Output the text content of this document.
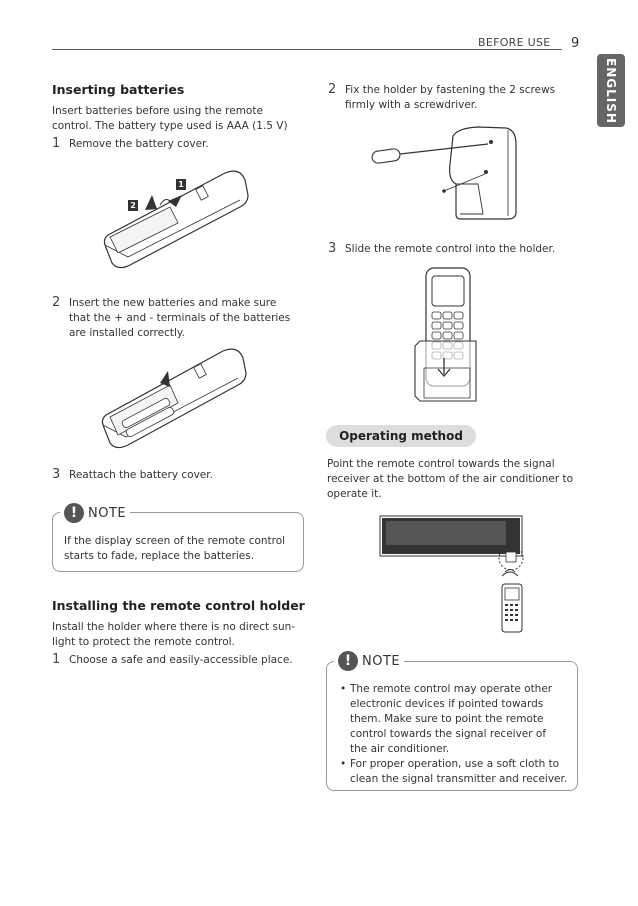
BEFORE USE 9
ENGLISH
Inserting batteries
Insert batteries before using the remote
control. The battery type used is AAA (1.5 V)
1 Remove the battery cover.
1
2
2 Insert the new batteries and make sure
that the + and - terminals of the batteries
are installed correctly.
3 Reattach the battery cover.
! NOTE
If the display screen of the remote control
starts to fade, replace the batteries.
Installing the remote control holder
Install the holder where there is no direct sun-
light to protect the remote control.
1 Choose a safe and easily-accessible place.
2 Fix the holder by fastening the 2 screws
firmly with a screwdriver.
3 Slide the remote control into the holder.
Operating method
Point the remote control towards the signal
receiver at the bottom of the air conditioner to
operate it.
! NOTE
• The remote control may operate other
electronic devices if pointed towards
them. Make sure to point the remote
control towards the signal receiver of
the air conditioner.
• For proper operation, use a soft cloth to
clean the signal transmitter and receiver.
